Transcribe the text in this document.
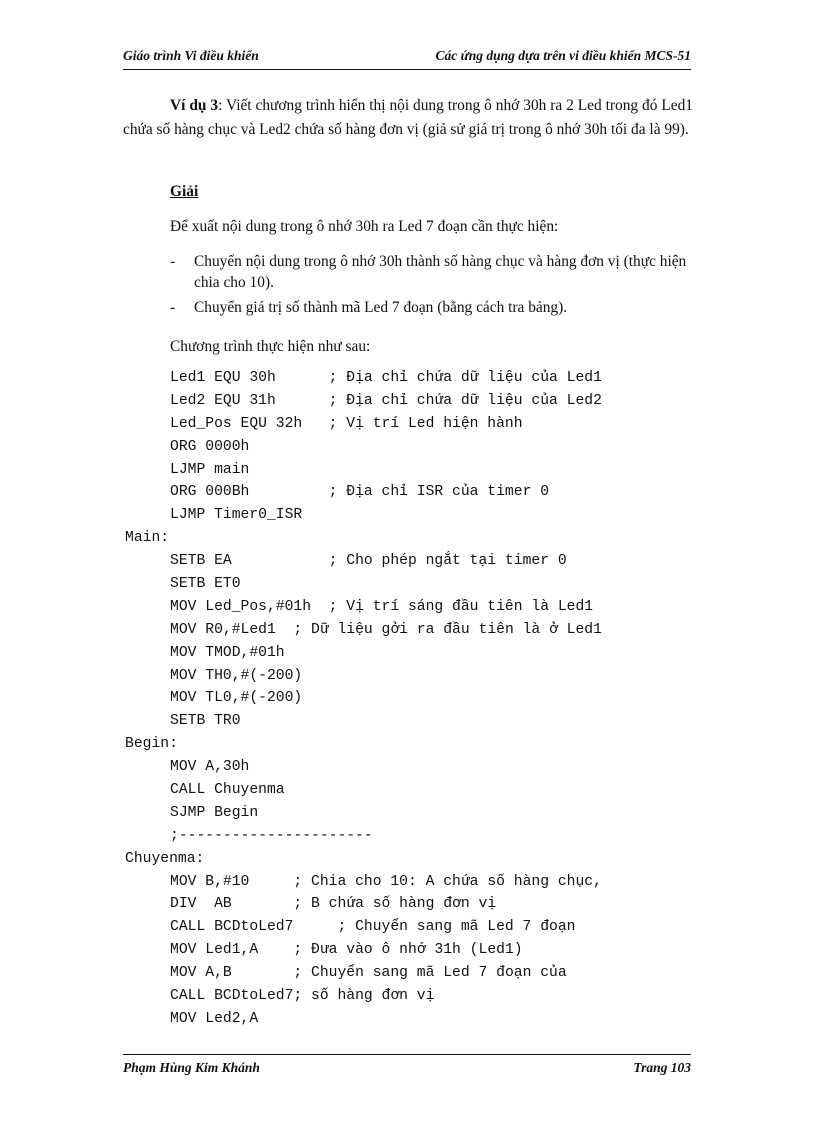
Giáo trình Vi điều khiển	Các ứng dụng dựa trên vi điều khiển MCS-51

Ví dụ 3: Viết chương trình hiển thị nội dung trong ô nhớ 30h ra 2 Led trong đó Led1 chứa số hàng chục và Led2 chứa số hàng đơn vị (giả sử giá trị trong ô nhớ 30h tối đa là 99).

Giải

Để xuất nội dung trong ô nhớ 30h ra Led 7 đoạn cần thực hiện:

- Chuyển nội dung trong ô nhớ 30h thành số hàng chục và hàng đơn vị (thực hiện chia cho 10).
- Chuyển giá trị số thành mã Led 7 đoạn (bằng cách tra bảng).

Chương trình thực hiện như sau:

Led1 EQU 30h      ; Địa chỉ chứa dữ liệu của Led1
Led2 EQU 31h      ; Địa chỉ chứa dữ liệu của Led2
Led_Pos EQU 32h   ; Vị trí Led hiện hành
ORG 0000h
LJMP main
ORG 000Bh         ; Địa chỉ ISR của timer 0
LJMP Timer0_ISR
Main:
SETB EA           ; Cho phép ngắt tại timer 0
SETB ET0
MOV Led_Pos,#01h  ; Vị trí sáng đầu tiên là Led1
MOV R0,#Led1  ; Dữ liệu gởi ra đầu tiên là ở Led1
MOV TMOD,#01h
MOV TH0,#(-200)
MOV TL0,#(-200)
SETB TR0
Begin:
MOV A,30h
CALL Chuyenma
SJMP Begin
;----------------------
Chuyenma:
MOV B,#10     ; Chia cho 10: A chứa số hàng chục,
DIV  AB       ; B chứa số hàng đơn vị
CALL BCDtoLed7     ; Chuyển sang mã Led 7 đoạn
MOV Led1,A    ; Đưa vào ô nhớ 31h (Led1)
MOV A,B       ; Chuyển sang mã Led 7 đoạn của
CALL BCDtoLed7; số hàng đơn vị
MOV Led2,A
Phạm Hùng Kim Khánh	Trang 103
